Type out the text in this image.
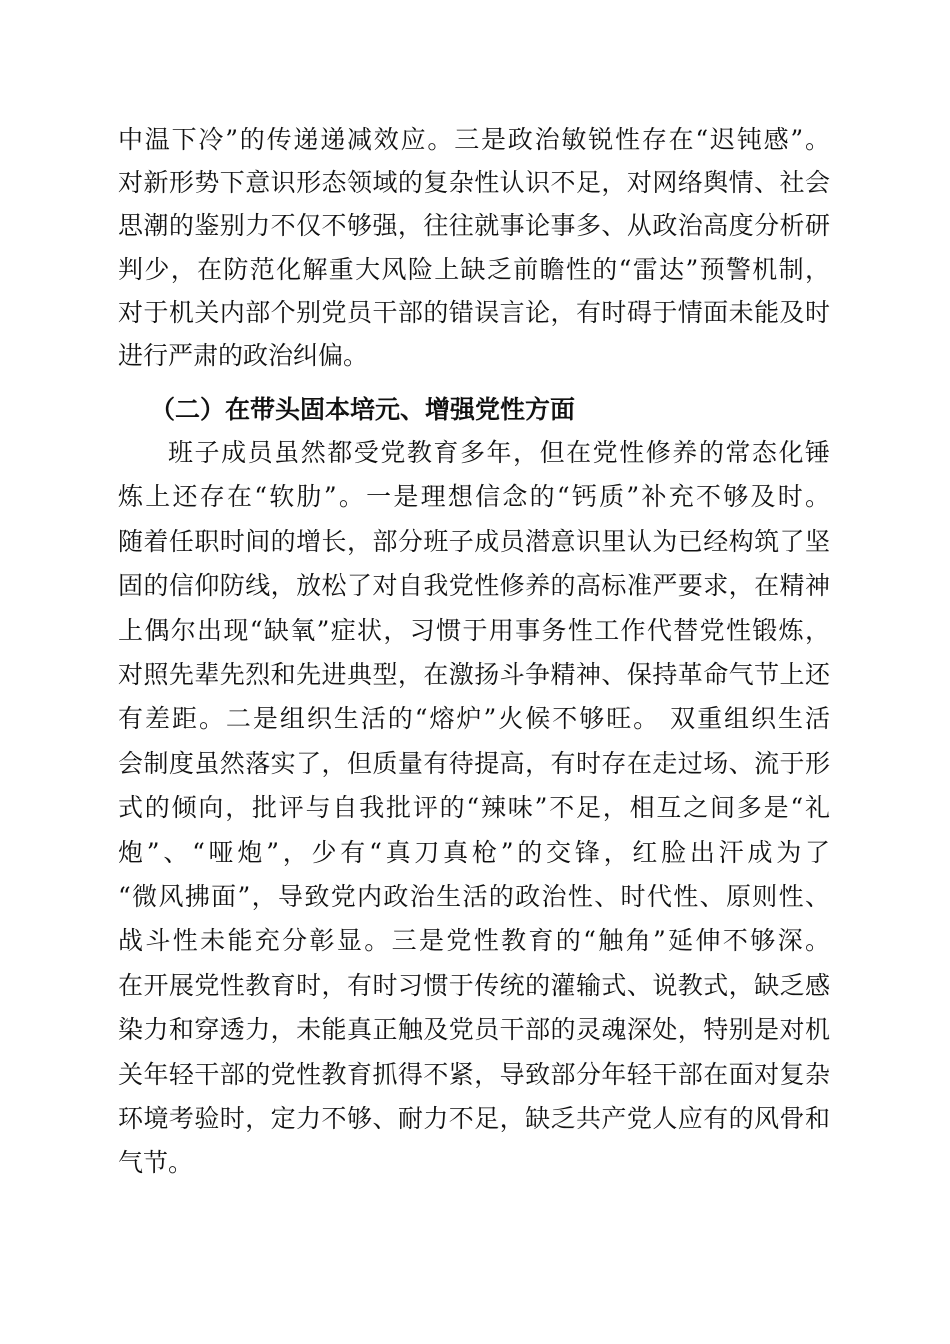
中温下冷”的传递递减效应。三是政治敏锐性存在“迟钝感”。
对新形势下意识形态领域的复杂性认识不足，对网络舆情、社会
思潮的鉴别力不仅不够强，往往就事论事多、从政治高度分析研
判少，在防范化解重大风险上缺乏前瞻性的“雷达”预警机制，
对于机关内部个别党员干部的错误言论，有时碍于情面未能及时
进行严肃的政治纠偏。
（二）在带头固本培元、增强党性方面
班子成员虽然都受党教育多年，但在党性修养的常态化锤
炼上还存在“软肋”。一是理想信念的“钙质”补充不够及时。
随着任职时间的增长，部分班子成员潜意识里认为已经构筑了坚
固的信仰防线，放松了对自我党性修养的高标准严要求，在精神
上偶尔出现“缺氧”症状，习惯于用事务性工作代替党性锻炼，
对照先辈先烈和先进典型，在激扬斗争精神、保持革命气节上还
有差距。二是组织生活的“熔炉”火候不够旺。 双重组织生活
会制度虽然落实了，但质量有待提高，有时存在走过场、流于形
式的倾向，批评与自我批评的“辣味”不足，相互之间多是“礼
炮”、“哑炮”，少有“真刀真枪”的交锋，红脸出汗成为了
“微风拂面”，导致党内政治生活的政治性、时代性、原则性、
战斗性未能充分彰显。三是党性教育的“触角”延伸不够深。
在开展党性教育时，有时习惯于传统的灌输式、说教式，缺乏感
染力和穿透力，未能真正触及党员干部的灵魂深处，特别是对机
关年轻干部的党性教育抓得不紧，导致部分年轻干部在面对复杂
环境考验时，定力不够、耐力不足，缺乏共产党人应有的风骨和
气节。
